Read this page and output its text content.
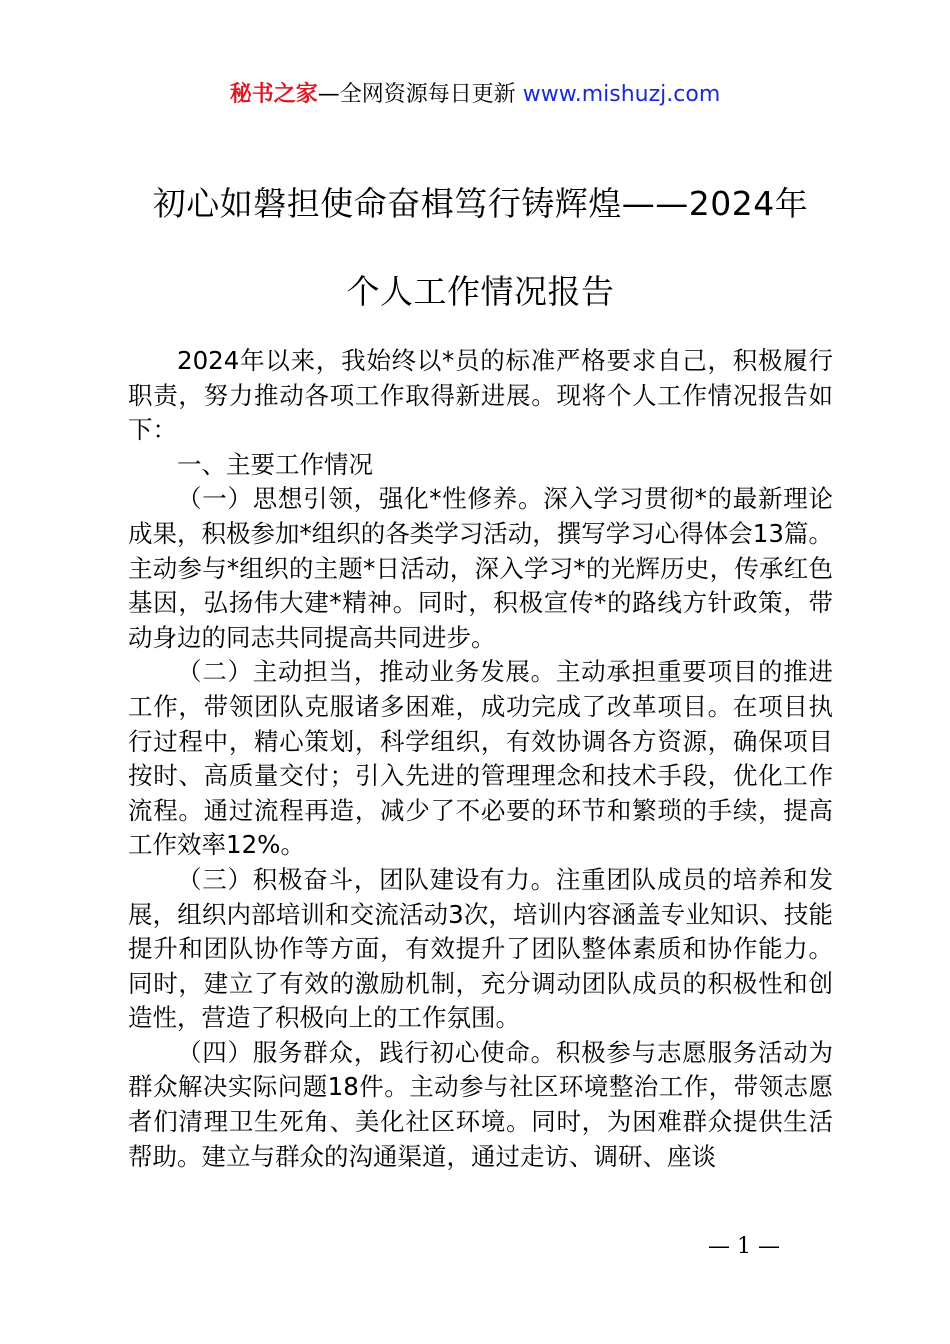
秘书之家—全网资源每日更新 www.mishuzj.com
初心如磐担使命奋楫笃行铸辉煌——2024年
个人工作情况报告

2024年以来，我始终以*员的标准严格要求自己，积极履行职责，努力推动各项工作取得新进展。现将个人工作情况报告如下：

一、主要工作情况

（一）思想引领，强化*性修养。深入学习贯彻*的最新理论成果，积极参加*组织的各类学习活动，撰写学习心得体会13篇。主动参与*组织的主题*日活动，深入学习*的光辉历史，传承红色基因，弘扬伟大建*精神。同时，积极宣传*的路线方针政策，带动身边的同志共同提高共同进步。

（二）主动担当，推动业务发展。主动承担重要项目的推进工作，带领团队克服诸多困难，成功完成了改革项目。在项目执行过程中，精心策划，科学组织，有效协调各方资源，确保项目按时、高质量交付；引入先进的管理理念和技术手段，优化工作流程。通过流程再造，减少了不必要的环节和繁琐的手续，提高工作效率12%。

（三）积极奋斗，团队建设有力。注重团队成员的培养和发展，组织内部培训和交流活动3次，培训内容涵盖专业知识、技能提升和团队协作等方面，有效提升了团队整体素质和协作能力。同时，建立了有效的激励机制，充分调动团队成员的积极性和创造性，营造了积极向上的工作氛围。

（四）服务群众，践行初心使命。积极参与志愿服务活动为群众解决实际问题18件。主动参与社区环境整治工作，带领志愿者们清理卫生死角、美化社区环境。同时，为困难群众提供生活帮助。建立与群众的沟通渠道，通过走访、调研、座谈

— 1 —
